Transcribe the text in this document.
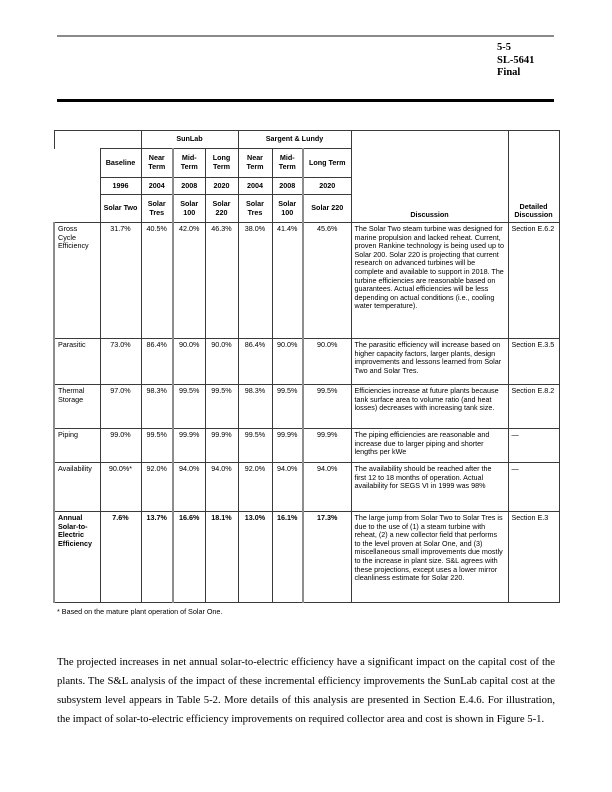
5-5
SL-5641
Final
		SunLab			Sargent & Lundy			Discussion	Detailed Discussion
	Baseline	Near Term	Mid-Term	Long Term	Near Term	Mid-Term	Long Term		
	1996	2004	2008	2020	2004	2008	2020		
	Solar Two	Solar Tres	Solar 100	Solar 220	Solar Tres	Solar 100	Solar 220		
Gross Cycle Efficiency	31.7%	40.5%	42.0%	46.3%	38.0%	41.4%	45.6%	The Solar Two steam turbine was designed for marine propulsion and lacked reheat. Current, proven Rankine technology is being used up to Solar 200. Solar 220 is projecting that current research on advanced turbines will be complete and available to support in 2018. The turbine efficiencies are reasonable based on guarantees. Actual efficiencies will be less depending on actual conditions (i.e., cooling water temperature).	Section E.6.2
Parasitic	73.0%	86.4%	90.0%	90.0%	86.4%	90.0%	90.0%	The parasitic efficiency will increase based on higher capacity factors, larger plants, design improvements and lessons learned from Solar Two and Solar Tres.	Section E.3.5
Thermal Storage	97.0%	98.3%	99.5%	99.5%	98.3%	99.5%	99.5%	Efficiencies increase at future plants because tank surface area to volume ratio (and heat losses) decreases with increasing tank size.	Section E.8.2
Piping	99.0%	99.5%	99.9%	99.9%	99.5%	99.9%	99.9%	The piping efficiencies are reasonable and increase due to larger piping and shorter lengths per kWe	—
Availability	90.0%*	92.0%	94.0%	94.0%	92.0%	94.0%	94.0%	The availability should be reached after the first 12 to 18 months of operation. Actual availability for SEGS VI in 1999 was 98%	—
Annual Solar-to-Electric Efficiency	7.6%	13.7%	16.6%	18.1%	13.0%	16.1%	17.3%	The large jump from Solar Two to Solar Tres is due to the use of (1) a steam turbine with reheat, (2) a new collector field that performs to the level proven at Solar One, and (3) miscellaneous small improvements due mostly to the increase in plant size. S&L agrees with these projections, except uses a lower mirror cleanliness estimate for Solar 220.	Section E.3
* Based on the mature plant operation of Solar One.

The projected increases in net annual solar-to-electric efficiency have a significant impact on the capital cost of the plants. The S&L analysis of the impact of these incremental efficiency improvements the SunLab capital cost at the subsystem level appears in Table 5-2. More details of this analysis are presented in Section E.4.6. For illustration, the impact of solar-to-electric efficiency improvements on required collector area and cost is shown in Figure 5-1.
